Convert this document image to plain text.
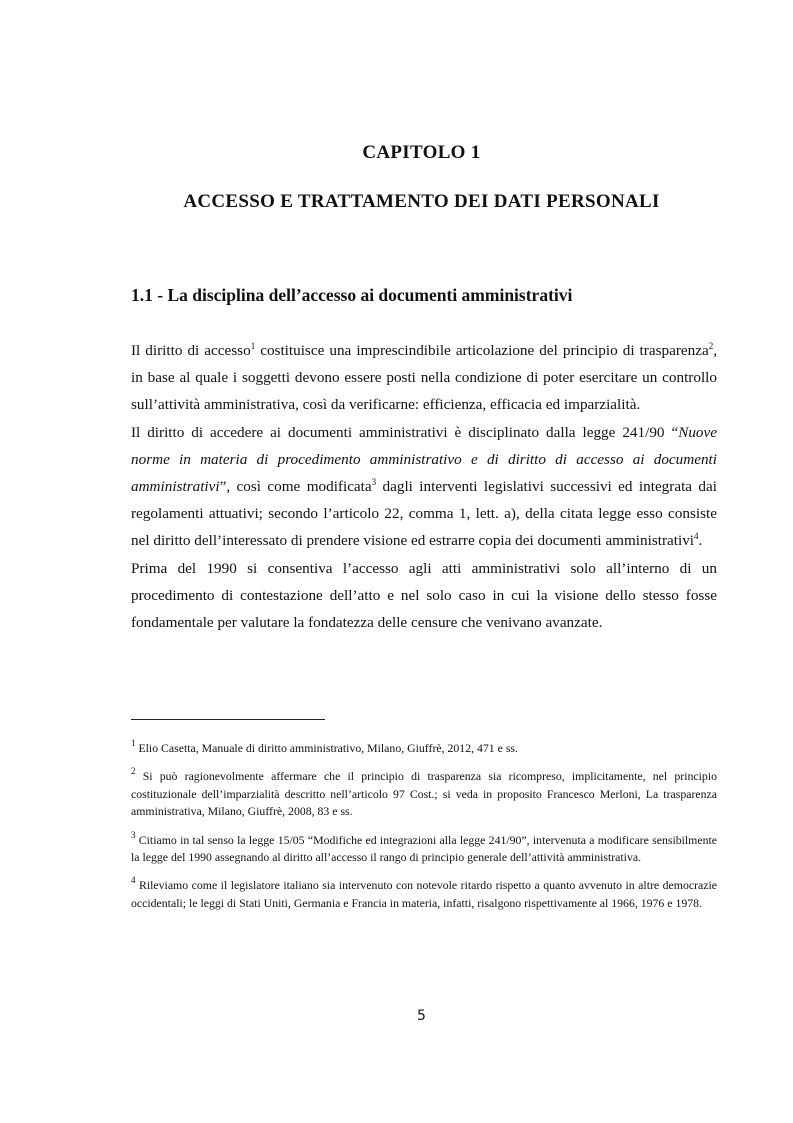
CAPITOLO 1
ACCESSO E TRATTAMENTO DEI DATI PERSONALI
1.1 - La disciplina dell’accesso ai documenti amministrativi

Il diritto di accesso$^1$ costituisce una imprescindibile articolazione del principio di trasparenza$^2$, in base al quale i soggetti devono essere posti nella condizione di poter esercitare un controllo sull’attività amministrativa, così da verificarne: efficienza, efficacia ed imparzialità.

Il diritto di accedere ai documenti amministrativi è disciplinato dalla legge 241/90 “Nuove norme in materia di procedimento amministrativo e di diritto di accesso ai documenti amministrativi”, così come modificata$^3$ dagli interventi legislativi successivi ed integrata dai regolamenti attuativi; secondo l’articolo 22, comma 1, lett. a), della citata legge esso consiste nel diritto dell’interessato di prendere visione ed estrarre copia dei documenti amministrativi$^4$.

Prima del 1990 si consentiva l’accesso agli atti amministrativi solo all’interno di un procedimento di contestazione dell’atto e nel solo caso in cui la visione dello stesso fosse fondamentale per valutare la fondatezza delle censure che venivano avanzate.

$^1$ Elio Casetta, Manuale di diritto amministrativo, Milano, Giuffrè, 2012, 471 e ss.

$^2$ Si può ragionevolmente affermare che il principio di trasparenza sia ricompreso, implicitamente, nel principio costituzionale dell’imparzialità descritto nell’articolo 97 Cost.; si veda in proposito Francesco Merloni, La trasparenza amministrativa, Milano, Giuffrè, 2008, 83 e ss.

$^3$ Citiamo in tal senso la legge 15/05 “Modifiche ed integrazioni alla legge 241/90”, intervenuta a modificare sensibilmente la legge del 1990 assegnando al diritto all’accesso il rango di principio generale dell’attività amministrativa.

$^4$ Rileviamo come il legislatore italiano sia intervenuto con notevole ritardo rispetto a quanto avvenuto in altre democrazie occidentali; le leggi di Stati Uniti, Germania e Francia in materia, infatti, risalgono rispettivamente al 1966, 1976 e 1978.

5
